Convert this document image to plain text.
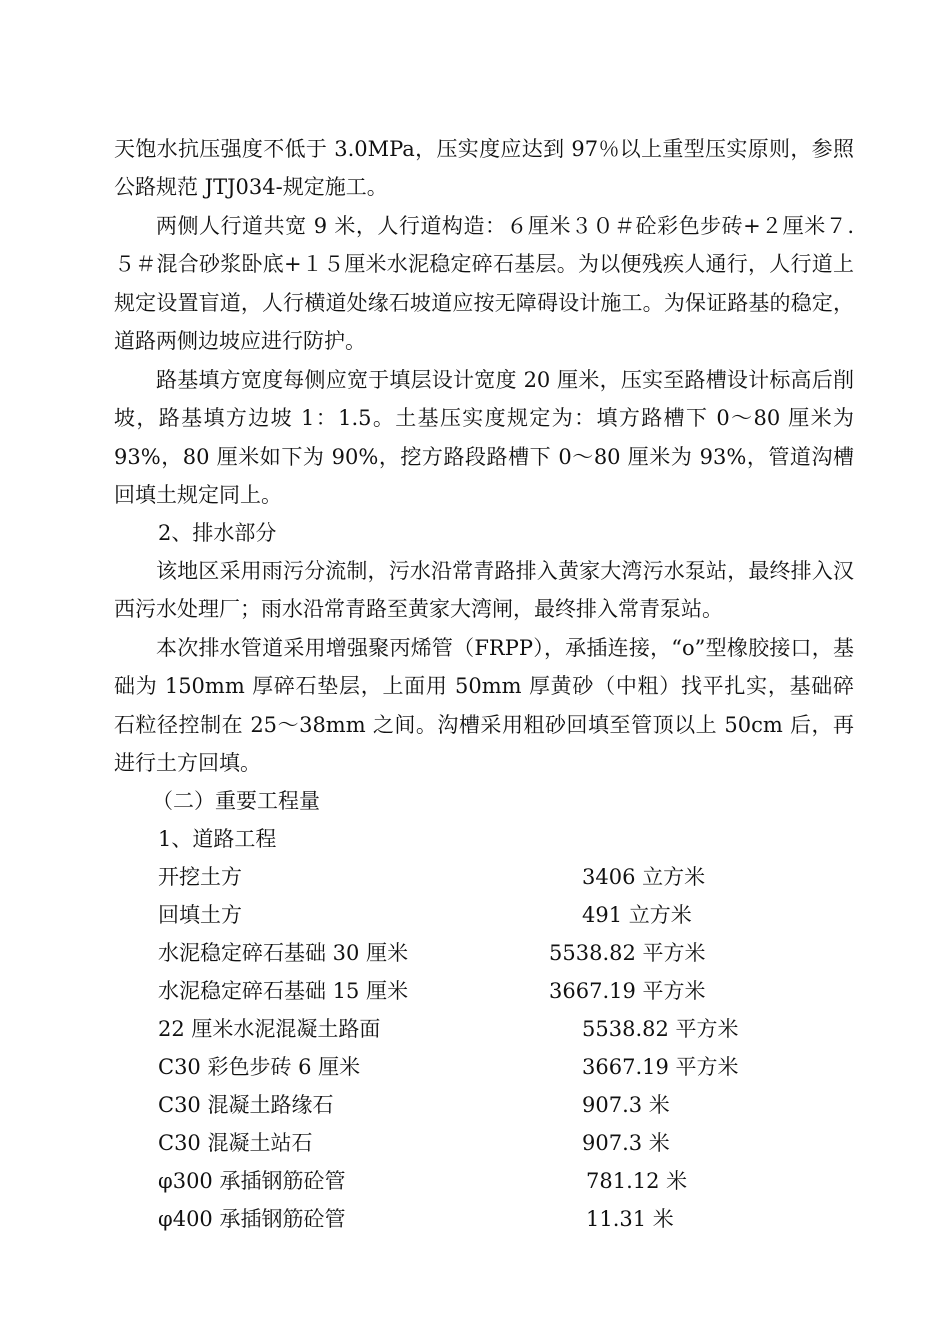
天饱水抗压强度不低于 3.0MPa，压实度应达到 97％以上重型压实原则，参照公路规范 JTJ034-规定施工。

两侧人行道共宽 9 米，人行道构造：６厘米３０＃砼彩色步砖+２厘米７.５＃混合砂浆卧底+１５厘米水泥稳定碎石基层。为以便残疾人通行，人行道上规定设置盲道，人行横道处缘石坡道应按无障碍设计施工。为保证路基的稳定，道路两侧边坡应进行防护。

路基填方宽度每侧应宽于填层设计宽度 20 厘米，压实至路槽设计标高后削坡，路基填方边坡 1：1.5。土基压实度规定为：填方路槽下 0～80 厘米为 93%，80 厘米如下为 90%，挖方路段路槽下 0～80 厘米为 93%，管道沟槽回填土规定同上。

2、排水部分

该地区采用雨污分流制，污水沿常青路排入黄家大湾污水泵站，最终排入汉西污水处理厂；雨水沿常青路至黄家大湾闸，最终排入常青泵站。

本次排水管道采用增强聚丙烯管（FRPP），承插连接，“o”型橡胶接口，基础为 150mm 厚碎石垫层，上面用 50mm 厚黄砂（中粗）找平扎实，基础碎石粒径控制在 25～38mm 之间。沟槽采用粗砂回填至管顶以上 50cm 后，再进行土方回填。

（二）重要工程量
1、道路工程
开挖土方	3406 立方米
回填土方	491 立方米
水泥稳定碎石基础 30 厘米	5538.82 平方米
水泥稳定碎石基础 15 厘米	3667.19 平方米
22 厘米水泥混凝土路面	5538.82 平方米
C30 彩色步砖 6 厘米	3667.19 平方米
C30 混凝土路缘石	907.3 米
C30 混凝土站石	907.3 米
φ300 承插钢筋砼管	781.12 米
φ400 承插钢筋砼管	11.31 米
